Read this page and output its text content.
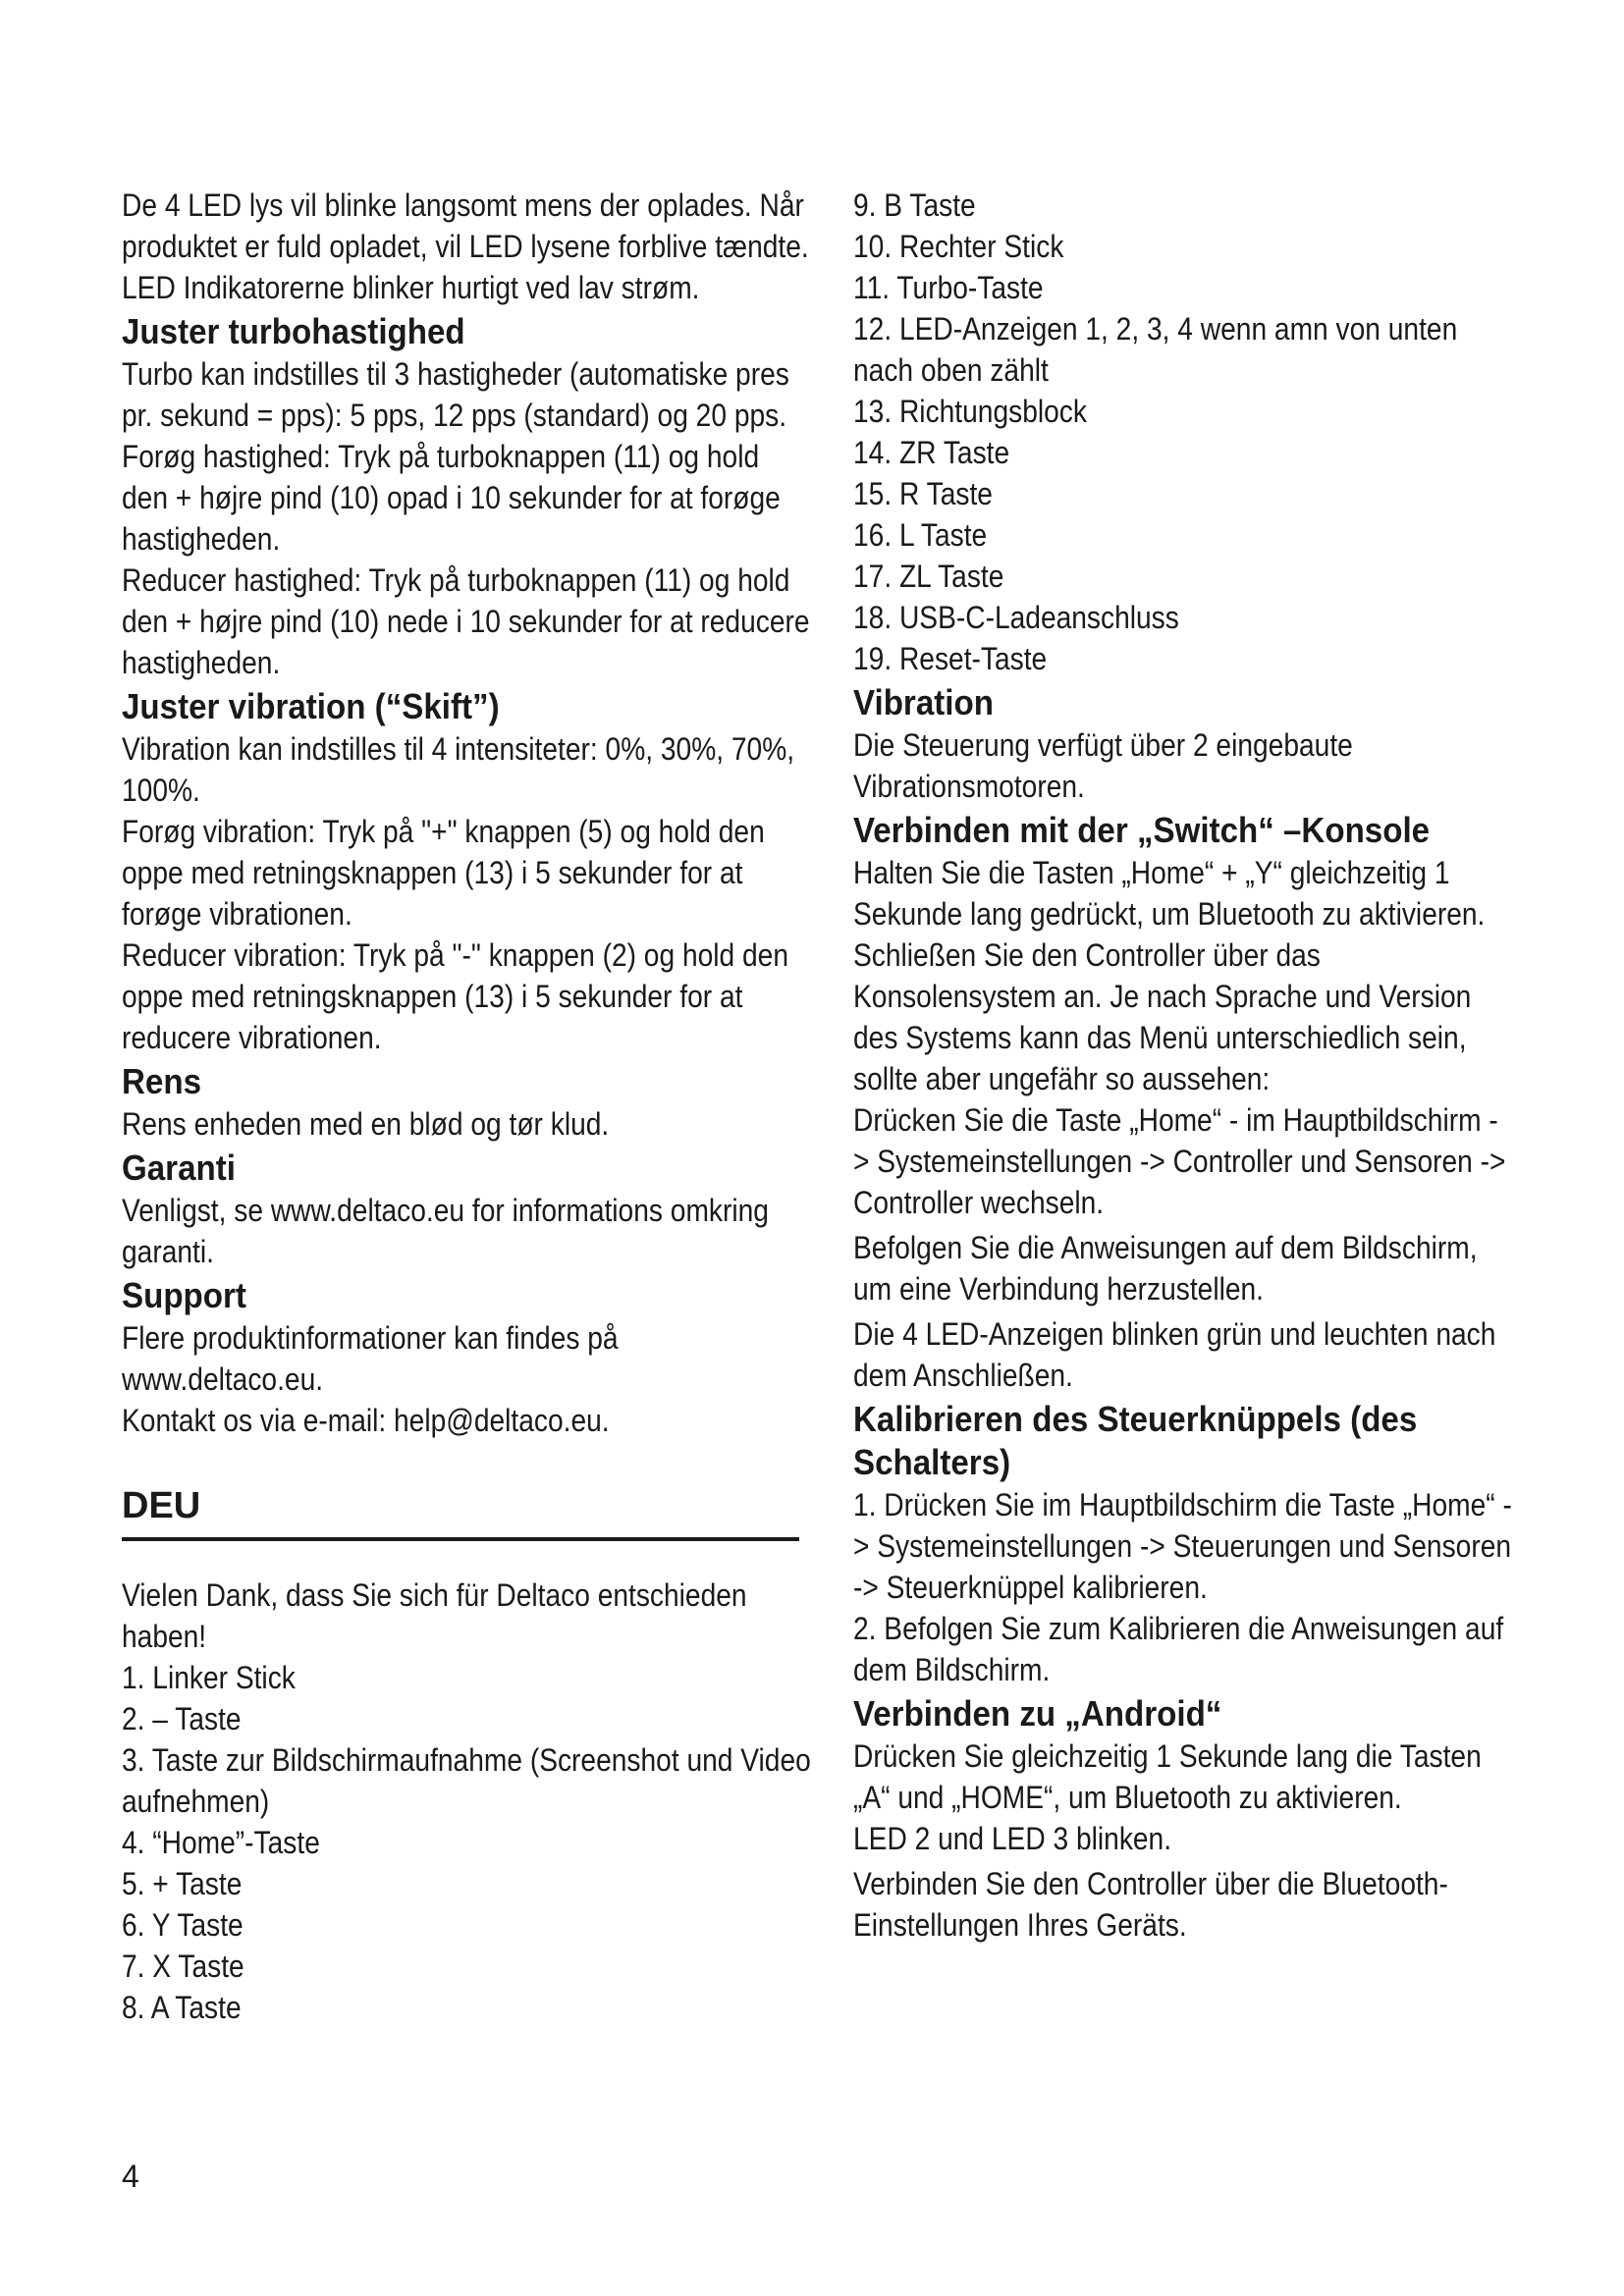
De 4 LED lys vil blinke langsomt mens der oplades. Når produktet er fuld opladet, vil LED lysene forblive tændte.

LED Indikatorerne blinker hurtigt ved lav strøm.

Juster turbohastighed

Turbo kan indstilles til 3 hastigheder (automatiske pres pr. sekund = pps): 5 pps, 12 pps (standard) og 20 pps.

Forøg hastighed: Tryk på turboknappen (11) og hold den + højre pind (10) opad i 10 sekunder for at forøge hastigheden.

Reducer hastighed: Tryk på turboknappen (11) og hold den + højre pind (10) nede i 10 sekunder for at reducere hastigheden.

Juster vibration (“Skift”)

Vibration kan indstilles til 4 intensiteter: 0%, 30%, 70%, 100%.

Forøg vibration: Tryk på "+" knappen (5) og hold den oppe med retningsknappen (13) i 5 sekunder for at forøge vibrationen.

Reducer vibration: Tryk på "-" knappen (2) og hold den oppe med retningsknappen (13) i 5 sekunder for at reducere vibrationen.

Rens

Rens enheden med en blød og tør klud.

Garanti

Venligst, se www.deltaco.eu for informations omkring garanti.

Support

Flere produktinformationer kan findes på www.deltaco.eu.

Kontakt os via e-mail: help@deltaco.eu.

DEU

Vielen Dank, dass Sie sich für Deltaco entschieden haben!

1. Linker Stick

2. – Taste

3. Taste zur Bildschirmaufnahme (Screenshot und Video aufnehmen)

4. “Home”-Taste

5. + Taste

6. Y Taste

7. X Taste

8. A Taste

9. B Taste

10. Rechter Stick

11. Turbo-Taste

12. LED-Anzeigen 1, 2, 3, 4 wenn amn von unten nach oben zählt

13. Richtungsblock

14. ZR Taste

15. R Taste

16. L Taste

17. ZL Taste

18. USB-C-Ladeanschluss

19. Reset-Taste

Vibration

Die Steuerung verfügt über 2 eingebaute Vibrationsmotoren.

Verbinden mit der „Switch“ –Konsole

Halten Sie die Tasten „Home“ + „Y“ gleichzeitig 1 Sekunde lang gedrückt, um Bluetooth zu aktivieren.

Schließen Sie den Controller über das Konsolensystem an. Je nach Sprache und Version des Systems kann das Menü unterschiedlich sein, sollte aber ungefähr so aussehen:

Drücken Sie die Taste „Home“ - im Hauptbildschirm -> Systemeinstellungen -> Controller und Sensoren -> Controller wechseln.

Befolgen Sie die Anweisungen auf dem Bildschirm, um eine Verbindung herzustellen.

Die 4 LED-Anzeigen blinken grün und leuchten nach dem Anschließen.

Kalibrieren des Steuerknüppels (des Schalters)

1. Drücken Sie im Hauptbildschirm die Taste „Home“ -> Systemeinstellungen -> Steuerungen und Sensoren -> Steuerknüppel kalibrieren.

2. Befolgen Sie zum Kalibrieren die Anweisungen auf dem Bildschirm.

Verbinden zu „Android“

Drücken Sie gleichzeitig 1 Sekunde lang die Tasten „A“ und „HOME“, um Bluetooth zu aktivieren.

LED 2 und LED 3 blinken.

Verbinden Sie den Controller über die Bluetooth-Einstellungen Ihres Geräts.

4
